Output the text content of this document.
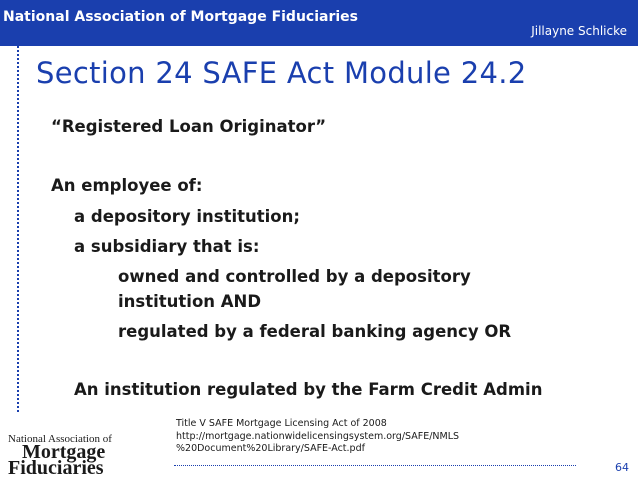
National Association of Mortgage Fiduciaries
Jillayne Schlicke
Section 24 SAFE Act Module 24.2
“Registered Loan Originator”
An employee of:
a depository institution;
a subsidiary that is:
owned and controlled by a depository
institution AND
regulated by a federal banking agency OR
An institution regulated by the Farm Credit Admin
Title V SAFE Mortgage Licensing Act of 2008
http://mortgage.nationwidelicensingsystem.org/SAFE/NMLS
%20Document%20Library/SAFE-Act.pdf
64
National Association of
Mortgage
Fiduciaries
